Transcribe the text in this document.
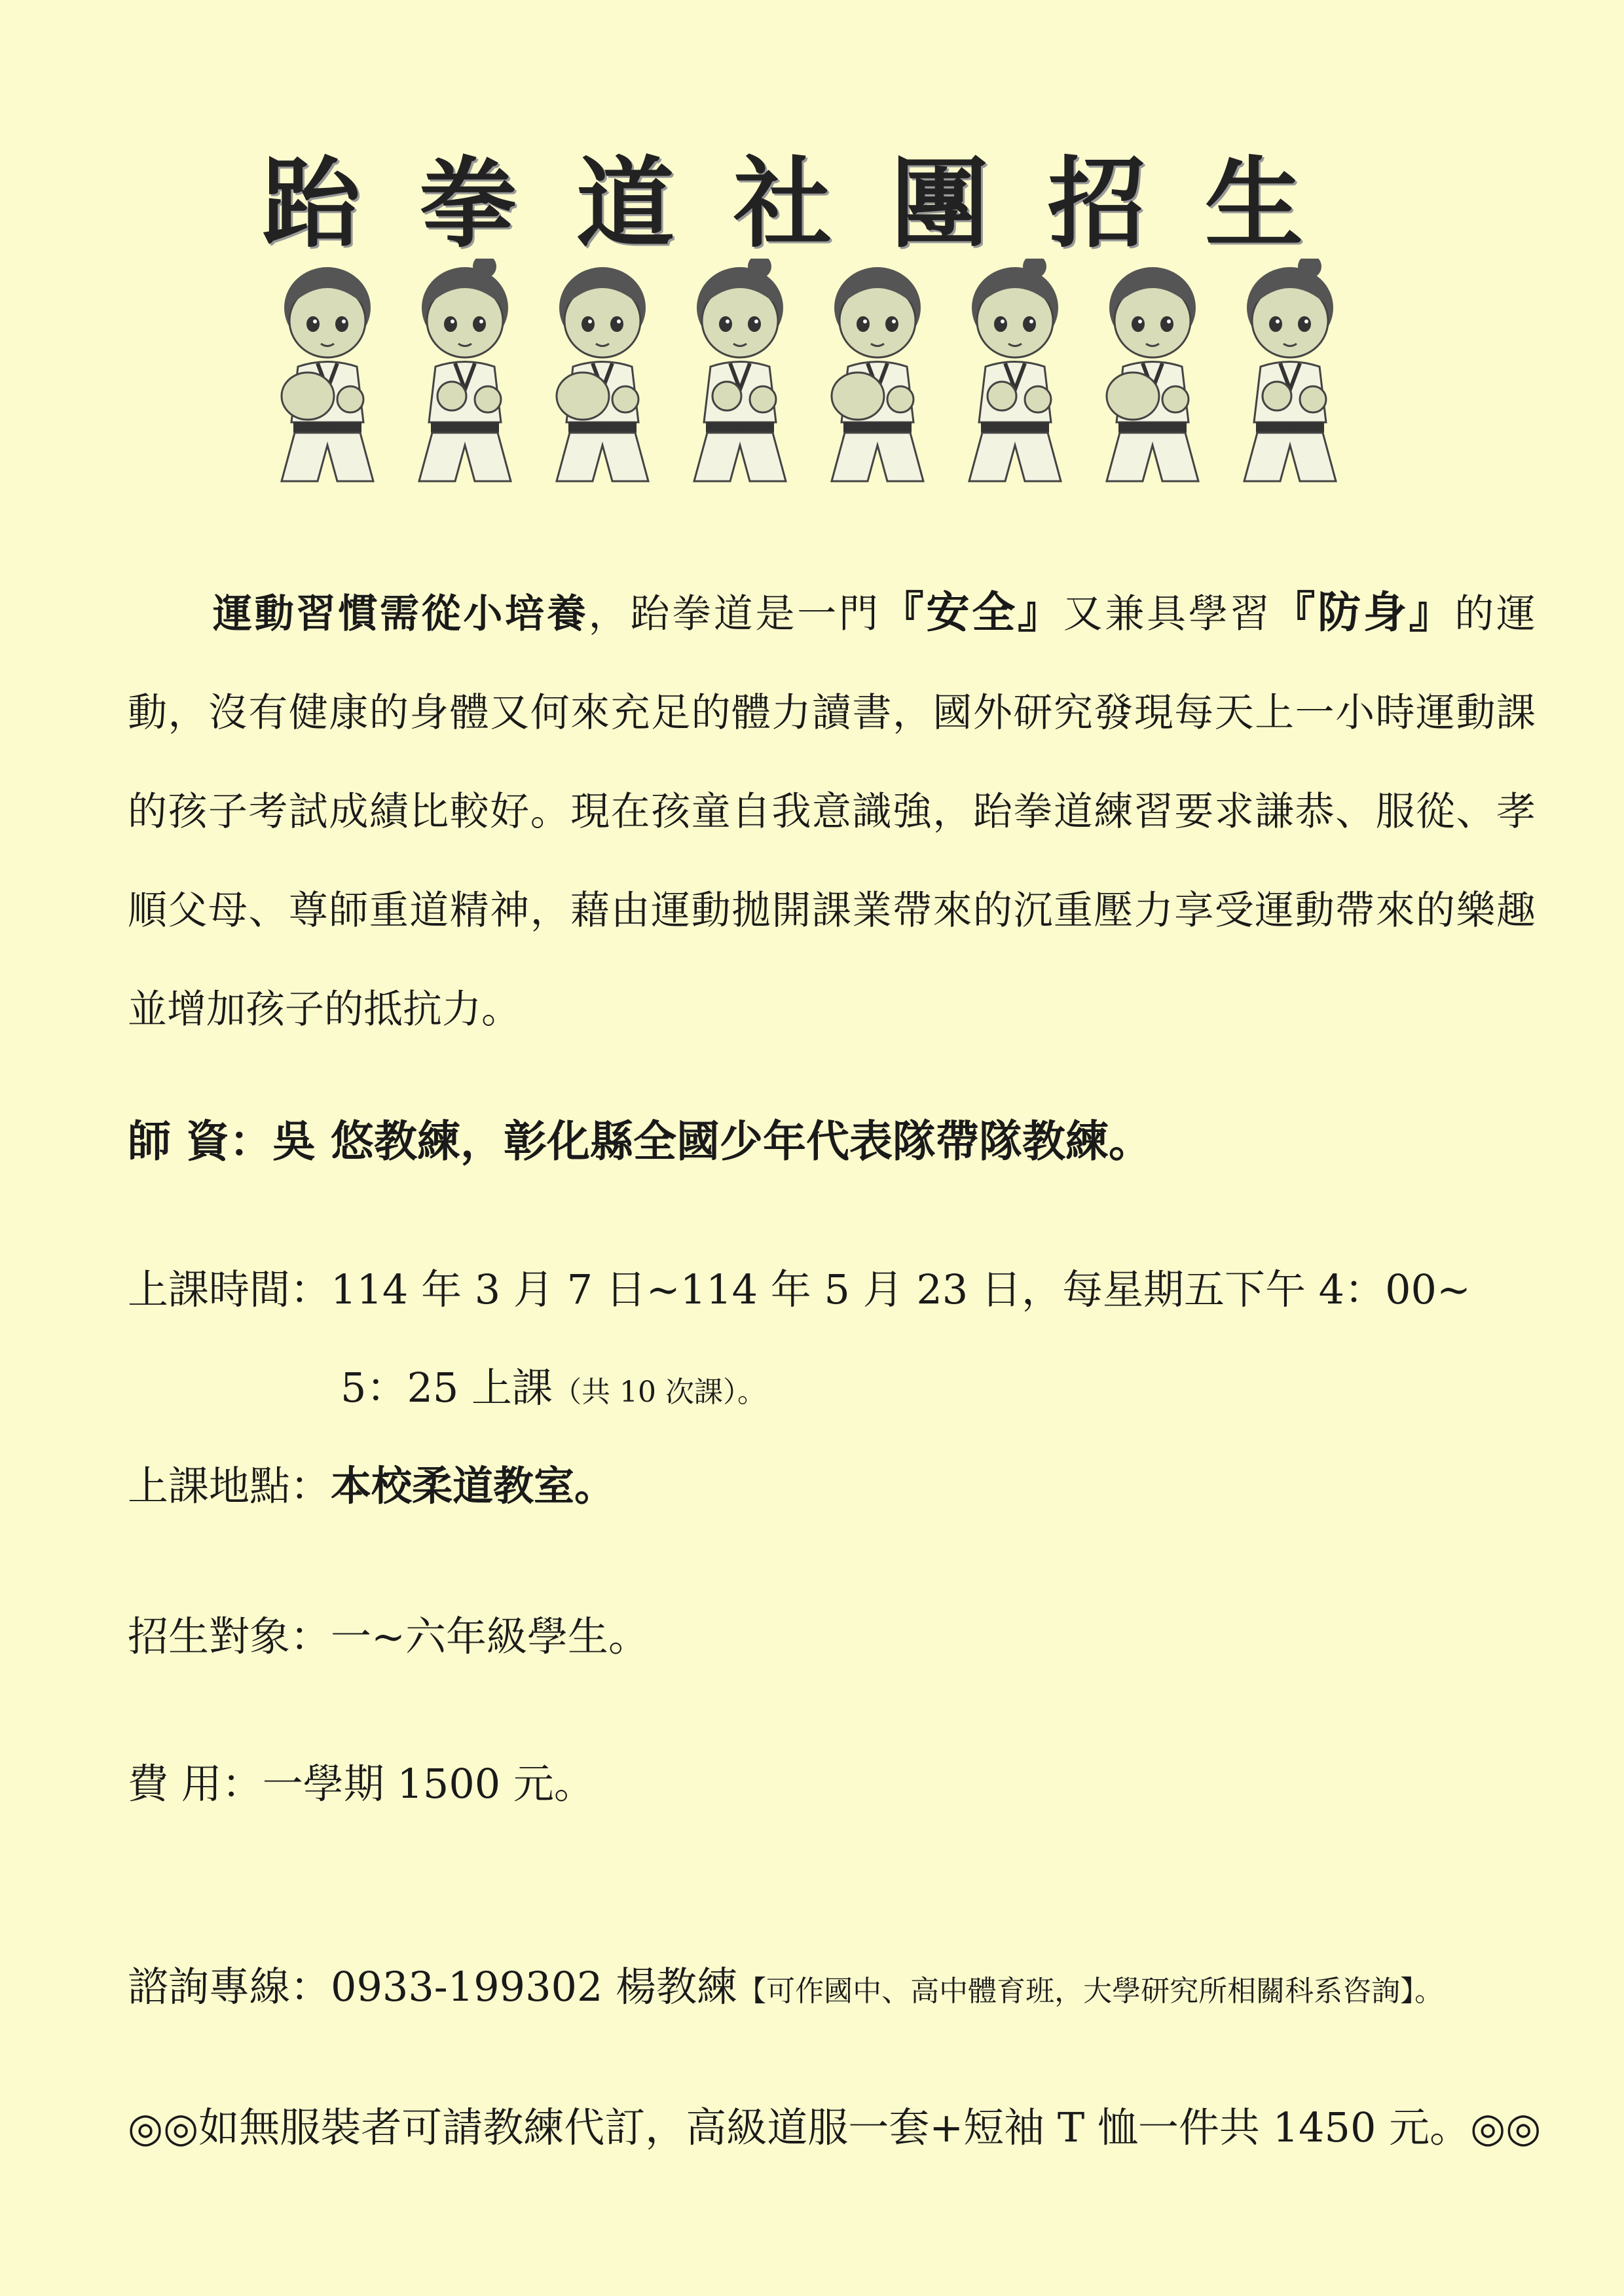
跆拳道社團招生
運動習慣需從小培養，跆拳道是一門『安全』又兼具學習『防身』的運動，沒有健康的身體又何來充足的體力讀書，國外研究發現每天上一小時運動課的孩子考試成績比較好。現在孩童自我意識強，跆拳道練習要求謙恭、服從、孝順父母、尊師重道精神，藉由運動拋開課業帶來的沉重壓力享受運動帶來的樂趣並增加孩子的抵抗力。
師 資：吳 悠教練，彰化縣全國少年代表隊帶隊教練。
上課時間：114 年 3 月 7 日~114 年 5 月 23 日，每星期五下午 4：00~
5：25 上課（共 10 次課）。
上課地點：本校柔道教室。
招生對象：一~六年級學生。
費 用：一學期 1500 元。
諮詢專線：0933-199302 楊教練【可作國中、高中體育班，大學研究所相關科系咨詢】。
◎◎如無服裝者可請教練代訂，高級道服一套+短袖 T 恤一件共 1450 元。◎◎
